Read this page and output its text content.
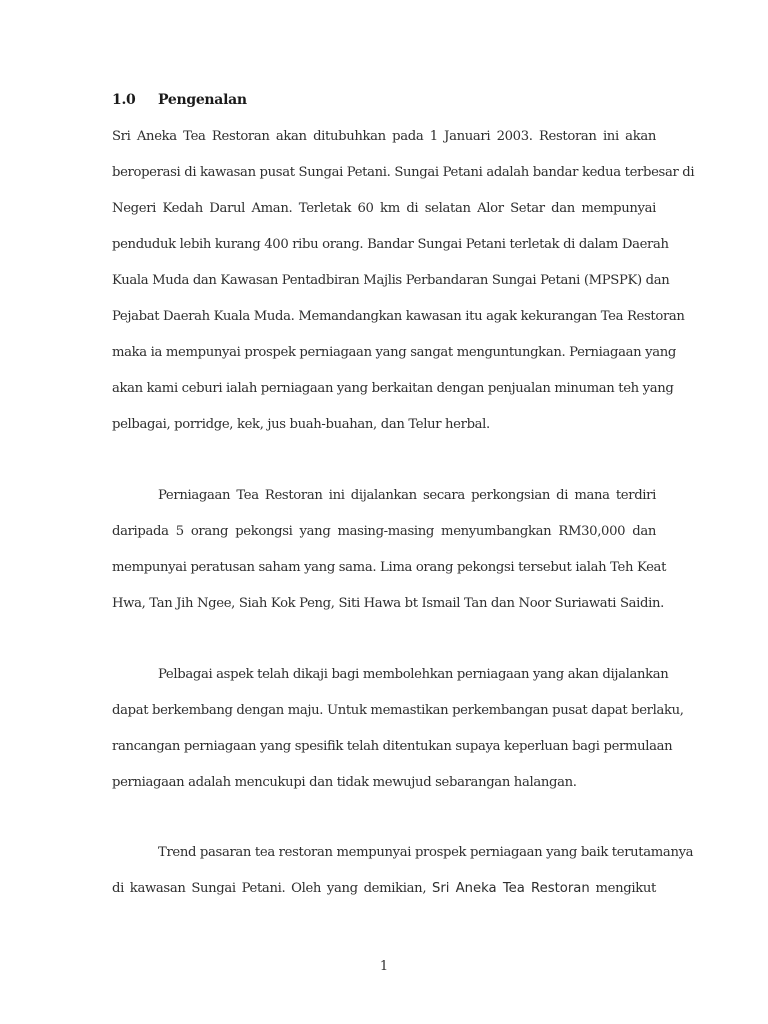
1.0 Pengenalan
Sri Aneka Tea Restoran akan ditubuhkan pada 1 Januari 2003. Restoran ini akan
beroperasi di kawasan pusat Sungai Petani. Sungai Petani adalah bandar kedua terbesar di
Negeri Kedah Darul Aman. Terletak 60 km di selatan Alor Setar dan mempunyai
penduduk lebih kurang 400 ribu orang. Bandar Sungai Petani terletak di dalam Daerah
Kuala Muda dan Kawasan Pentadbiran Majlis Perbandaran Sungai Petani (MPSPK) dan
Pejabat Daerah Kuala Muda. Memandangkan kawasan itu agak kekurangan Tea Restoran
maka ia mempunyai prospek perniagaan yang sangat menguntungkan. Perniagaan yang
akan kami ceburi ialah perniagaan yang berkaitan dengan penjualan minuman teh yang
pelbagai, porridge, kek, jus buah-buahan, dan Telur herbal.
Perniagaan Tea Restoran ini dijalankan secara perkongsian di mana terdiri
daripada 5 orang pekongsi yang masing-masing menyumbangkan RM30,000 dan
mempunyai peratusan saham yang sama. Lima orang pekongsi tersebut ialah Teh Keat
Hwa, Tan Jih Ngee, Siah Kok Peng, Siti Hawa bt Ismail Tan dan Noor Suriawati Saidin.
Pelbagai aspek telah dikaji bagi membolehkan perniagaan yang akan dijalankan
dapat berkembang dengan maju. Untuk memastikan perkembangan pusat dapat berlaku,
rancangan perniagaan yang spesifik telah ditentukan supaya keperluan bagi permulaan
perniagaan adalah mencukupi dan tidak mewujud sebarangan halangan.
Trend pasaran tea restoran mempunyai prospek perniagaan yang baik terutamanya
di kawasan Sungai Petani. Oleh yang demikian, Sri Aneka Tea Restoran mengikut
1
